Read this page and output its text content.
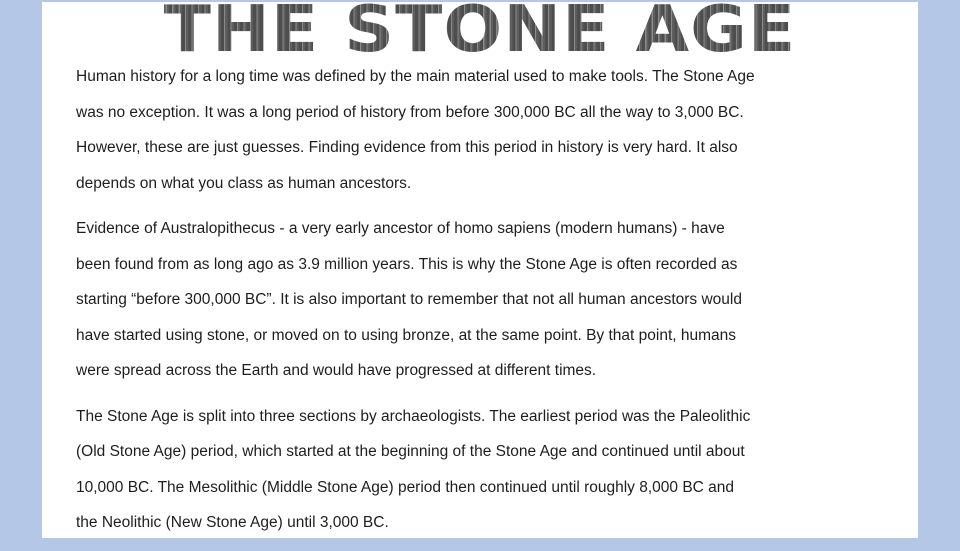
THE STONE AGE

Human history for a long time was defined by the main material used to make tools. The Stone Age
was no exception. It was a long period of history from before 300,000 BC all the way to 3,000 BC.
However, these are just guesses. Finding evidence from this period in history is very hard. It also
depends on what you class as human ancestors.

Evidence of Australopithecus - a very early ancestor of homo sapiens (modern humans) - have
been found from as long ago as 3.9 million years. This is why the Stone Age is often recorded as
starting “before 300,000 BC”. It is also important to remember that not all human ancestors would
have started using stone, or moved on to using bronze, at the same point. By that point, humans
were spread across the Earth and would have progressed at different times.

The Stone Age is split into three sections by archaeologists. The earliest period was the Paleolithic
(Old Stone Age) period, which started at the beginning of the Stone Age and continued until about
10,000 BC. The Mesolithic (Middle Stone Age) period then continued until roughly 8,000 BC and
the Neolithic (New Stone Age) until 3,000 BC.
